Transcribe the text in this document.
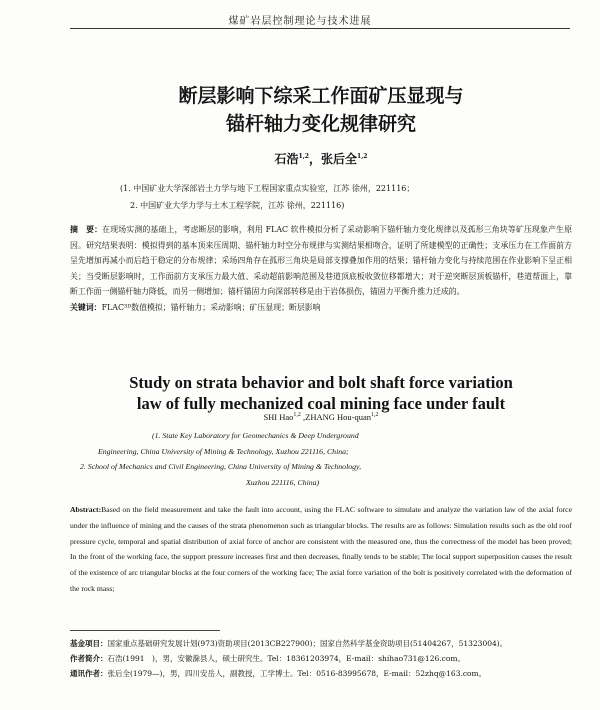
煤矿岩层控制理论与技术进展
断层影响下综采工作面矿压显现与
锚杆轴力变化规律研究
石浩$^{1,2}$，张后全$^{1,2}$
(1. 中国矿业大学深部岩土力学与地下工程国家重点实验室，江苏 徐州，221116；
2. 中国矿业大学力学与土木工程学院，江苏 徐州，221116)
摘　要：在现场实测的基础上，考虑断层的影响，利用 FLAC 软件模拟分析了采动影响下锚杆轴力变化规律以及孤形三角块等矿压现象产生原因。研究结果表明：模拟得到的基本顶来压周期、锚杆轴力时空分布规律与实测结果相吻合，证明了所建模型的正确性；支承压力在工作面前方呈先增加再减小而后趋于稳定的分布规律；采场四角存在孤形三角块是局部支撑叠加作用的结果；锚杆轴力变化与持续范围在作业影响下呈正相关；当受断层影响时，工作面前方支承压力最大值、采动超前影响范围及巷道顶底板收敛位移都增大；对于逆突断层顶板锚杆，巷道帮面上，靠断工作面一侧锚杆轴力降低，而另一侧增加；锚杆锚固力向深部转移是由于岩体损伤，锚固力平衡升推力迁成的。
关键词：FLAC³ᴰ数值模拟；锚杆轴力；采动影响；矿压显现；断层影响
Study on strata behavior and bolt shaft force variation
law of fully mechanized coal mining face under fault
SHI Hao$^{1,2}$ ,ZHANG Hou-quan$^{1,2}$
(1. State Key Laboratory for Geomechanics & Deep Underground
Engineering, China University of Mining & Technology, Xuzhou 221116, China;
2. School of Mechanics and Civil Engineering, China University of Mining & Technology,
Xuzhou 221116, China)
Abstract:Based on the field measurement and take the fault into account, using the FLAC software to simulate and analyze the variation law of the axial force under the influence of mining and the causes of the strata phenomenon such as triangular blocks. The results are as follows: Simulation results such as the old roof pressure cycle, temporal and spatial distribution of axial force of anchor are consistent with the measured one, thus the correctness of the model has been proved; In the front of the working face, the support pressure increases first and then decreases, finally tends to be stable; The local support superposition causes the result of the existence of arc triangular blocks at the four corners of the working face; The axial force variation of the bolt is positively correlated with the deformation of the rock mass;
基金项目：国家重点基础研究发展计划(973)资助项目(2013CB227900)；国家自然科学基金资助项目(51404267，51323004)。
作者简介：石浩(1991　)，男，安徽滁县人，硕士研究生。Tel：18361203974，E-mail：shihao731@126.com。
通讯作者：张后全(1979—)，男，四川安岳人，副教授，工学博士。Tel：0516-83995678，E-mail：52zhq@163.com。
